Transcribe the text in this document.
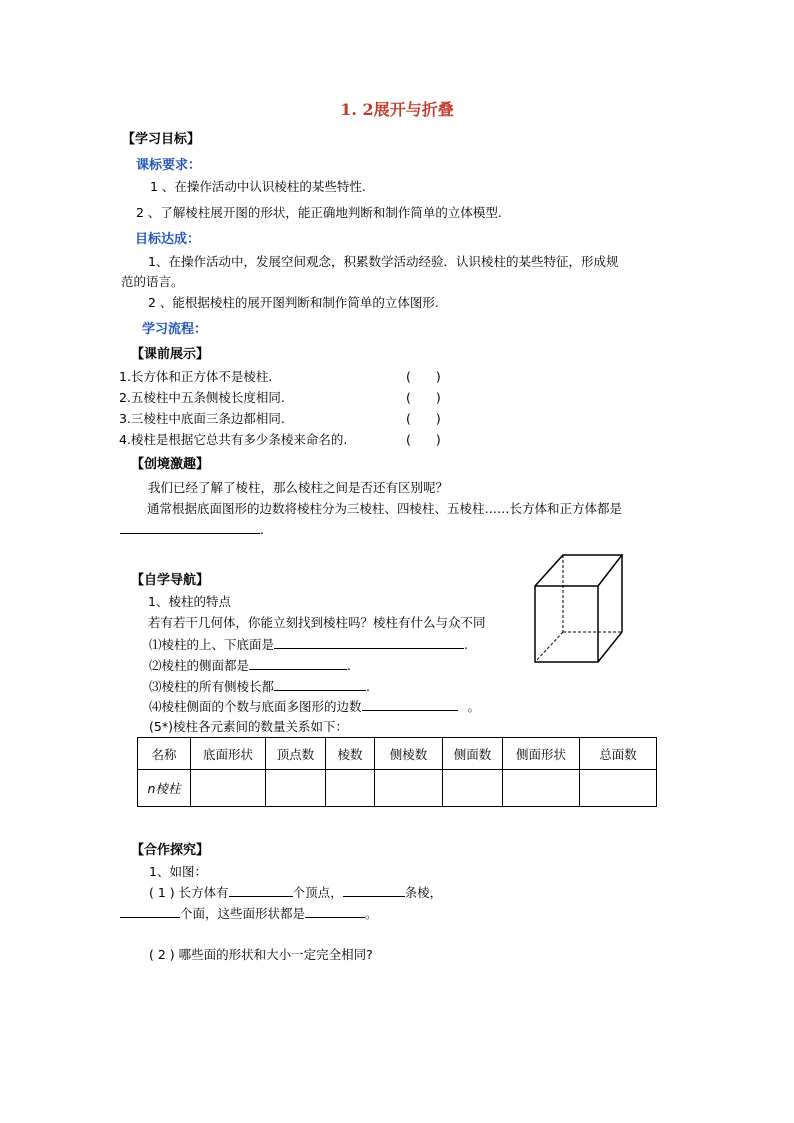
1. 2展开与折叠
【学习目标】
课标要求：
1 、在操作活动中认识棱柱的某些特性.
2 、了解棱柱展开图的形状，能正确地判断和制作简单的立体模型.
目标达成：
1、在操作活动中，发展空间观念，积累数学活动经验．认识棱柱的某些特征，形成规
范的语言。
2 、能根据棱柱的展开图判断和制作简单的立体图形.
学习流程：
【课前展示】
1.长方体和正方体不是棱柱.	(　　)
2.五棱柱中五条侧棱长度相同.	(　　)
3.三棱柱中底面三条边都相同.	(　　)
4.棱柱是根据它总共有多少条棱来命名的.	(　　)
【创境激趣】
我们已经了解了棱柱，那么棱柱之间是否还有区别呢？
通常根据底面图形的边数将棱柱分为三棱柱、四棱柱、五棱柱……长方体和正方体都是
.
【自学导航】
1、棱柱的特点
若有若干几何体，你能立刻找到棱柱吗？棱柱有什么与众不同
⑴棱柱的上、下底面是	.
⑵棱柱的侧面都是	.
⑶棱柱的所有侧棱长都	.
⑷棱柱侧面的个数与底面多图形的边数	。
(5*)棱柱各元素间的数量关系如下：
名称	底面形状	顶点数	棱数	侧棱数	侧面数	侧面形状	总面数
n棱柱							
【合作探究】
1、如图：
( 1 ) 长方体有	个顶点，	条棱，
个面，这些面形状都是	。
( 2 ) 哪些面的形状和大小一定完全相同?
